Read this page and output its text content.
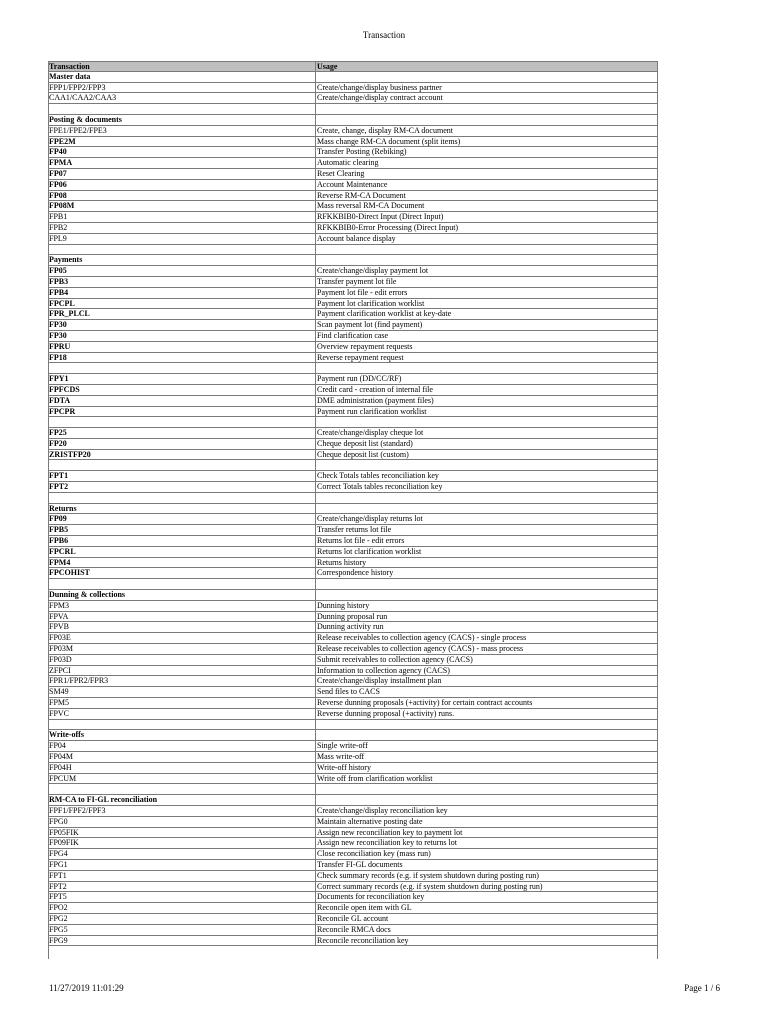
Transaction
Transaction	Usage
Master data
FPP1/FPP2/FPP3	Create/change/display business partner
CAA1/CAA2/CAA3	Create/change/display contract account
Posting & documents
FPE1/FPE2/FPE3	Create, change, display RM-CA document
FPE2M	Mass change RM-CA document (split items)
FP40	Transfer Posting (Rebiking)
FPMA	Automatic clearing
FP07	Reset Clearing
FP06	Account Maintenance
FP08	Reverse RM-CA Document
FP08M	Mass reversal RM-CA Document
FPB1	RFKKBIB0-Direct Input (Direct Input)
FPB2	RFKKBIB0-Error Processing (Direct Input)
FPL9	Account balance display
Payments
FP05	Create/change/display payment lot
FPB3	Transfer payment lot file
FPB4	Payment lot file - edit errors
FPCPL	Payment lot clarification worklist
FPR_PLCL	Payment clarification worklist at key-date
FP30	Scan payment lot (find payment)
FP30	Find clarification case
FPRU	Overview repayment requests
FP18	Reverse repayment request
FPY1	Payment run (DD/CC/RF)
FPFCDS	Credit card - creation of internal file
FDTA	DME administration (payment files)
FPCPR	Payment run clarification worklist
FP25	Create/change/display cheque lot
FP20	Cheque deposit list (standard)
ZRISTFP20	Cheque deposit list (custom)
FPT1	Check Totals tables reconciliation key
FPT2	Correct Totals tables reconciliation key
Returns
FP09	Create/change/display returns lot
FPB5	Transfer returns lot file
FPB6	Returns lot file - edit errors
FPCRL	Returns lot clarification worklist
FPM4	Returns history
FPCOHIST	Correspondence history
Dunning & collections
FPM3	Dunning history
FPVA	Dunning proposal run
FPVB	Dunning activity run
FP03E	Release receivables to collection agency (CACS) - single process
FP03M	Release receivables to collection agency (CACS) - mass process
FP03D	Submit receivables to collection agency (CACS)
ZFPCI	Information to collection agency (CACS)
FPR1/FPR2/FPR3	Create/change/display installment plan
SM49	Send files to CACS
FPM5	Reverse dunning proposals (+activity) for certain contract accounts
FPVC	Reverse dunning proposal (+activity) runs.
Write-offs
FP04	Single write-off
FP04M	Mass write-off
FP04H	Write-off history
FPCUM	Write off from clarification worklist
RM-CA to FI-GL reconciliation
FPF1/FPF2/FPF3	Create/change/display reconciliation key
FPG0	Maintain alternative posting date
FP05FIK	Assign new reconciliation key to payment lot
FP09FIK	Assign new reconciliation key to returns lot
FPG4	Close reconciliation key (mass run)
FPG1	Transfer FI-GL documents
FPT1	Check summary records (e.g. if system shutdown during posting run)
FPT2	Correct summary records (e.g. if system shutdown during posting run)
FPT5	Documents for reconciliation key
FPO2	Reconcile open item with GL
FPG2	Reconcile GL account
FPG5	Reconcile RMCA docs
FPG9	Reconcile reconciliation key
11/27/2019 11:01:29	Page 1 / 6
